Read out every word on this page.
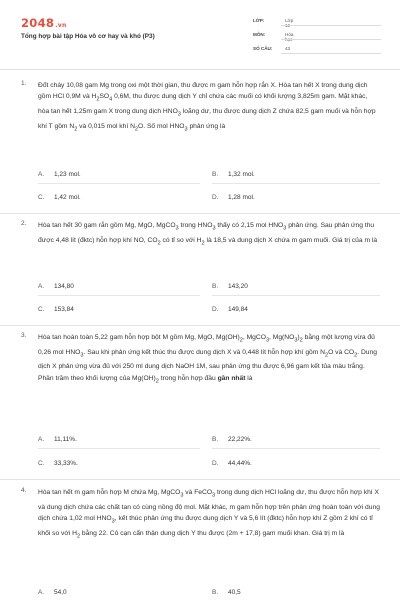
2048.vn
Tổng hợp bài tập Hóa vô cơ hay và khó (P3)
LỚP:	Lớp
MÔN:	Hóa
SỐ CÂU:	43
1. Đốt cháy 10,08 gam Mg trong oxi một thời gian, thu được m gam hỗn hợp rắn X. Hòa tan hết X trong dung dịch gồm HCl 0,9M và $H_2SO_4$ 0,6M, thu được dung dịch Y chỉ chứa các muối có khối lượng 3,825m gam. Mặt khác, hòa tan hết 1,25m gam X trong dung dịch $HNO_3$ loãng dư, thu được dung dịch Z chứa 82,5 gam muối và hỗn hợp khí T gồm $N_2$ và 0,015 mol khí $N_2O$. Số mol $HNO_3$ phản ứng là
A. 1,23 mol.	B. 1,32 mol.
C. 1,42 mol.	D. 1,28 mol.
2. Hòa tan hết 30 gam rắn gồm Mg, MgO, MgCO$_3$ trong $HNO_3$ thấy có 2,15 mol $HNO_3$ phản ứng. Sau phản ứng thu được 4,48 lít (đktc) hỗn hợp khí NO, $CO_2$ có tỉ so với $H_2$ là 18,5 và dung dịch X chứa m gam muối. Giá trị của m là
A. 134,80	B. 143,20
C. 153,84	D. 149,84
3. Hòa tan hoàn toàn 5,22 gam hỗn hợp bột M gồm Mg, MgO, $Mg(OH)_2$, MgCO$_3$, $Mg(NO_3)_2$ bằng một lượng vừa đủ 0,26 mol $HNO_3$. Sau khi phản ứng kết thúc thu được dung dịch X và 0,448 lít hỗn hợp khí gồm $N_2O$ và $CO_2$. Dung dịch X phản ứng vừa đủ với 250 ml dung dịch NaOH 1M, sau phản ứng thu được 6,96 gam kết tủa màu trắng. Phần trăm theo khối lượng của $Mg(OH)_2$ trong hỗn hợp đầu gần nhất là
A. 11,11%.	B. 22,22%.
C. 33,33%.	D. 44,44%.
4. Hòa tan hết m gam hỗn hợp M chứa Mg, MgCO$_3$ và FeCO$_3$ trong dung dịch HCl loãng dư, thu được hỗn hợp khí X và dung dịch chứa các chất tan có cùng nồng độ mol. Mặt khác, m gam hỗn hợp trên phản ứng hoàn toàn với dung dịch chứa 1,02 mol $HNO_3$, kết thúc phản ứng thu được dung dịch Y và 5,6 lít (đktc) hỗn hợp khí Z gồm 2 khí có tỉ khối so với $H_2$ bằng 22. Cô cạn cẩn thận dung dịch Y thu được (2m + 17,8) gam muối khan. Giá trị m là
A. 54,0	B. 40,5
